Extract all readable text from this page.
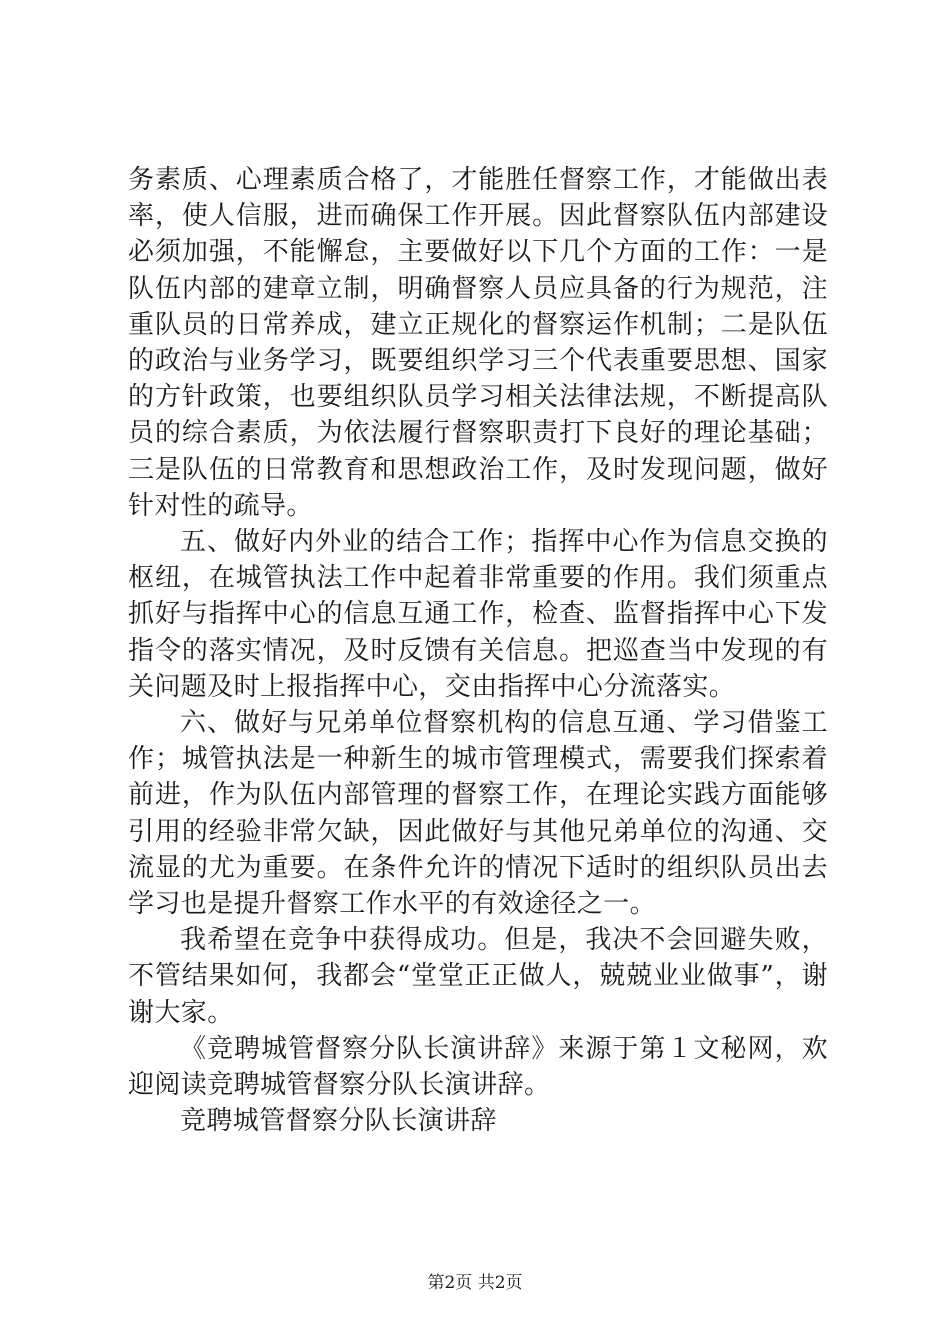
务素质、心理素质合格了，才能胜任督察工作，才能做出表率，使人信服，进而确保工作开展。因此督察队伍内部建设必须加强，不能懈怠，主要做好以下几个方面的工作：一是队伍内部的建章立制，明确督察人员应具备的行为规范，注重队员的日常养成，建立正规化的督察运作机制；二是队伍的政治与业务学习，既要组织学习三个代表重要思想、国家的方针政策，也要组织队员学习相关法律法规，不断提高队员的综合素质，为依法履行督察职责打下良好的理论基础；三是队伍的日常教育和思想政治工作，及时发现问题，做好针对性的疏导。

五、做好内外业的结合工作；指挥中心作为信息交换的枢纽，在城管执法工作中起着非常重要的作用。我们须重点抓好与指挥中心的信息互通工作，检查、监督指挥中心下发指令的落实情况，及时反馈有关信息。把巡查当中发现的有关问题及时上报指挥中心，交由指挥中心分流落实。

六、做好与兄弟单位督察机构的信息互通、学习借鉴工作；城管执法是一种新生的城市管理模式，需要我们探索着前进，作为队伍内部管理的督察工作，在理论实践方面能够引用的经验非常欠缺，因此做好与其他兄弟单位的沟通、交流显的尤为重要。在条件允许的情况下适时的组织队员出去学习也是提升督察工作水平的有效途径之一。

我希望在竞争中获得成功。但是，我决不会回避失败，不管结果如何，我都会“堂堂正正做人，兢兢业业做事”，谢谢大家。

《竞聘城管督察分队长演讲辞》来源于第１文秘网，欢迎阅读竞聘城管督察分队长演讲辞。

竞聘城管督察分队长演讲辞

第2页 共2页
